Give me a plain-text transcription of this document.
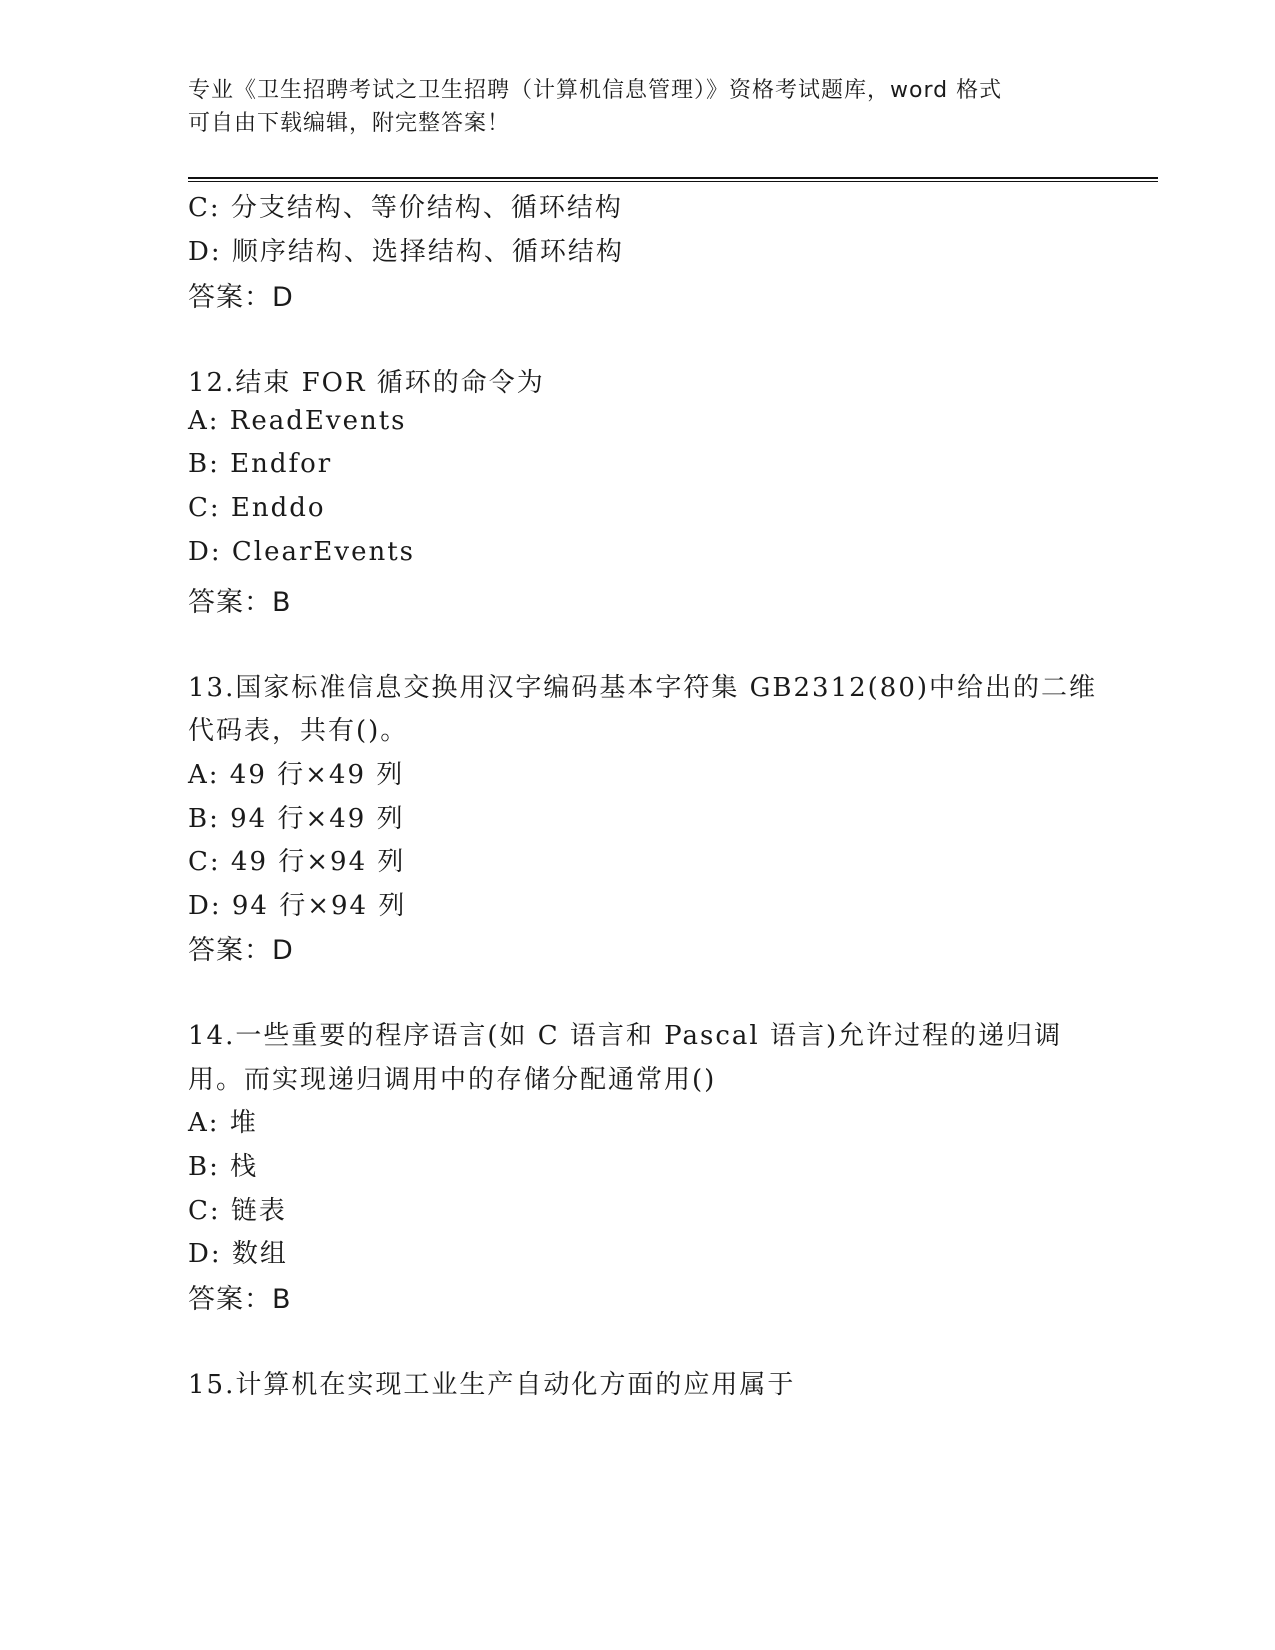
专业《卫生招聘考试之卫生招聘（计算机信息管理）》资格考试题库，word 格式
可自由下载编辑，附完整答案！
C: 分支结构、等价结构、循环结构
D: 顺序结构、选择结构、循环结构
答案：D
12.结束 FOR 循环的命令为
A: ReadEvents
B: Endfor
C: Enddo
D: ClearEvents
答案：B
13.国家标准信息交换用汉字编码基本字符集 GB2312(80)中给出的二维
代码表，共有()。
A: 49 行×49 列
B: 94 行×49 列
C: 49 行×94 列
D: 94 行×94 列
答案：D
14.一些重要的程序语言(如 C 语言和 Pascal 语言)允许过程的递归调
用。而实现递归调用中的存储分配通常用()
A: 堆
B: 栈
C: 链表
D: 数组
答案：B
15.计算机在实现工业生产自动化方面的应用属于
